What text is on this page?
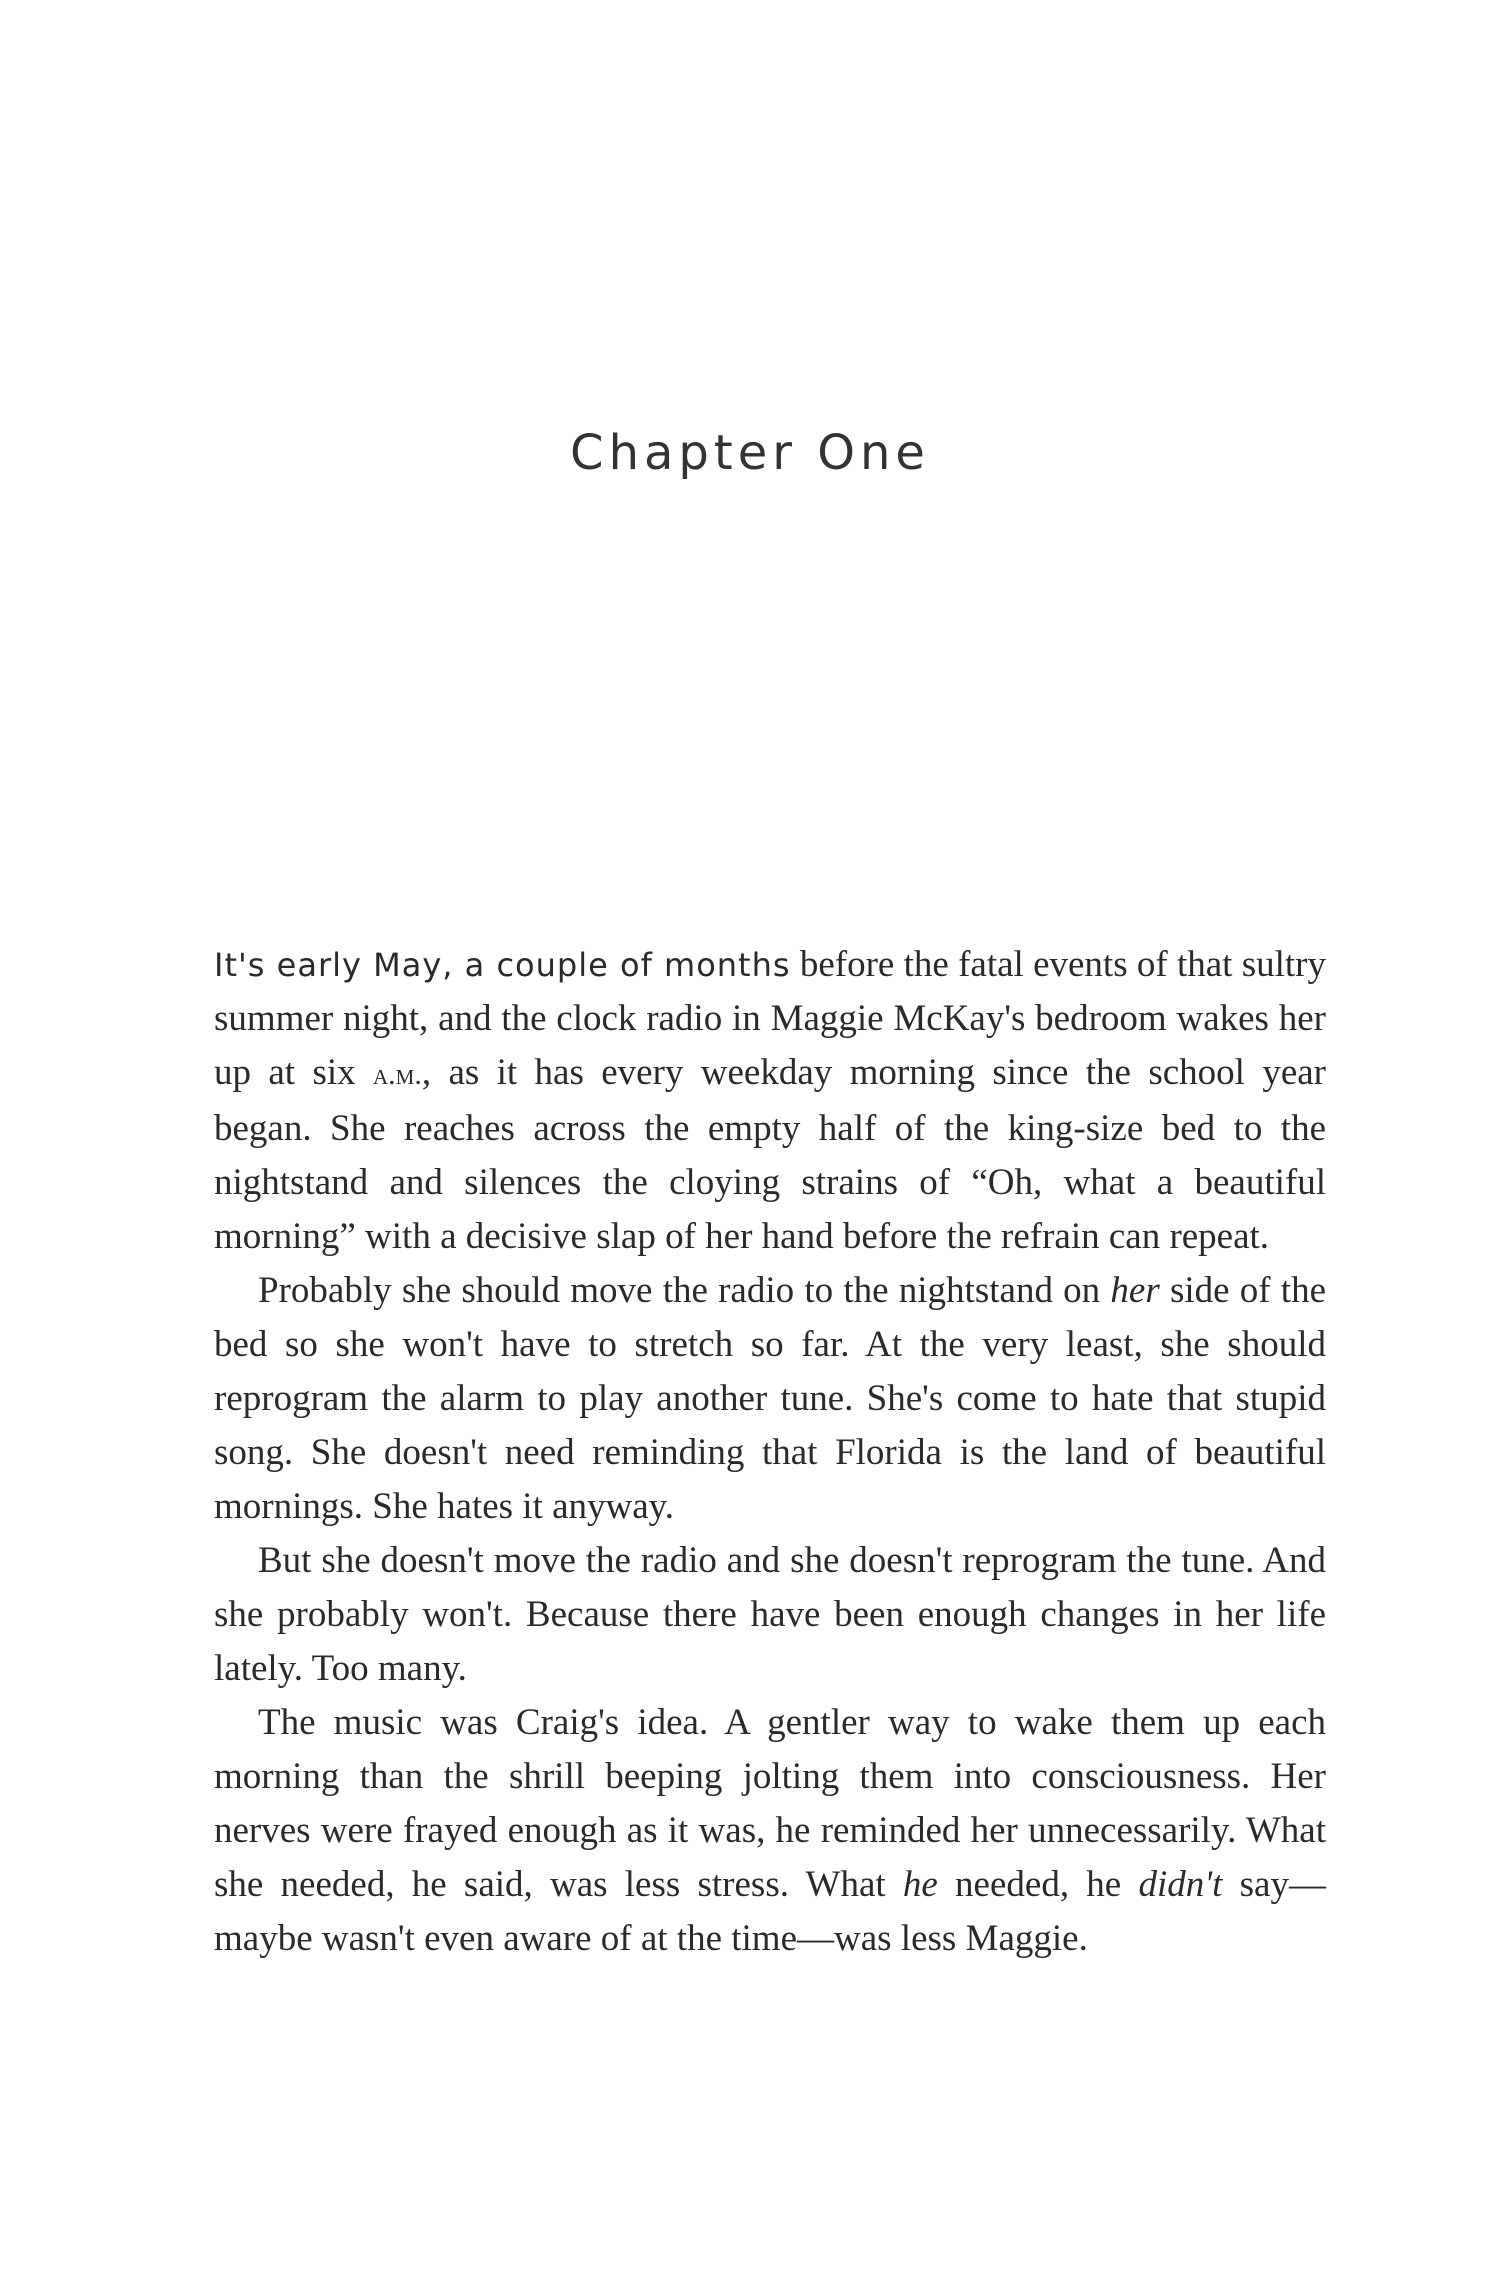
Chapter One

It's early May, a couple of months before the fatal events of that sultry summer night, and the clock radio in Maggie McKay's bedroom wakes her up at six a.m., as it has every weekday morning since the school year began. She reaches across the empty half of the king-size bed to the nightstand and silences the cloying strains of “Oh, what a beautiful morning” with a decisive slap of her hand before the refrain can repeat.

Probably she should move the radio to the nightstand on her side of the bed so she won't have to stretch so far. At the very least, she should reprogram the alarm to play another tune. She's come to hate that stupid song. She doesn't need reminding that Florida is the land of beautiful mornings. She hates it anyway.

But she doesn't move the radio and she doesn't reprogram the tune. And she probably won't. Because there have been enough changes in her life lately. Too many.

The music was Craig's idea. A gentler way to wake them up each morning than the shrill beeping jolting them into consciousness. Her nerves were frayed enough as it was, he reminded her unnecessarily. What she needed, he said, was less stress. What he needed, he didn't say—maybe wasn't even aware of at the time—was less Maggie.
